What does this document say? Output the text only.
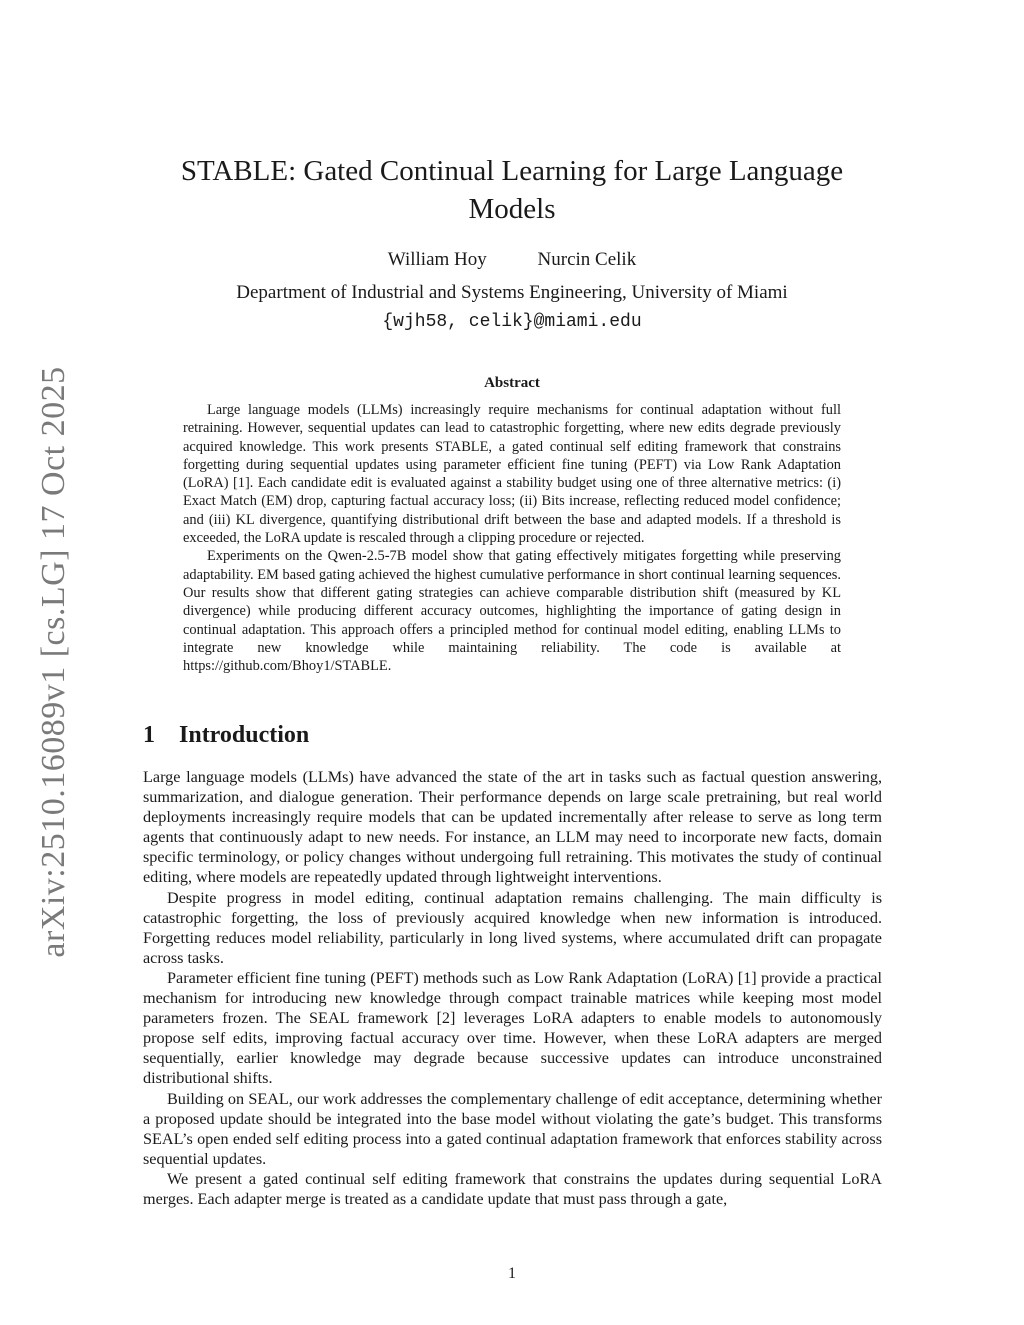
arXiv:2510.16089v1 [cs.LG] 17 Oct 2025
STABLE: Gated Continual Learning for Large Language Models
William Hoy	Nurcin Celik
Department of Industrial and Systems Engineering, University of Miami
{wjh58, celik}@miami.edu
Abstract

Large language models (LLMs) increasingly require mechanisms for continual adaptation without full retraining. However, sequential updates can lead to catastrophic forgetting, where new edits degrade previously acquired knowledge. This work presents STABLE, a gated continual self editing framework that constrains forgetting during sequential updates using parameter efficient fine tuning (PEFT) via Low Rank Adaptation (LoRA) [1]. Each candidate edit is evaluated against a stability budget using one of three alternative metrics: (i) Exact Match (EM) drop, capturing factual accuracy loss; (ii) Bits increase, reflecting reduced model confidence; and (iii) KL divergence, quantifying distributional drift between the base and adapted models. If a threshold is exceeded, the LoRA update is rescaled through a clipping procedure or rejected.

Experiments on the Qwen-2.5-7B model show that gating effectively mitigates forgetting while preserving adaptability. EM based gating achieved the highest cumulative performance in short continual learning sequences. Our results show that different gating strategies can achieve comparable distribution shift (measured by KL divergence) while producing different accuracy outcomes, highlighting the importance of gating design in continual adaptation. This approach offers a principled method for continual model editing, enabling LLMs to integrate new knowledge while maintaining reliability. The code is available at https://github.com/Bhoy1/STABLE.

1 Introduction

Large language models (LLMs) have advanced the state of the art in tasks such as factual question answering, summarization, and dialogue generation. Their performance depends on large scale pretraining, but real world deployments increasingly require models that can be updated incrementally after release to serve as long term agents that continuously adapt to new needs. For instance, an LLM may need to incorporate new facts, domain specific terminology, or policy changes without undergoing full retraining. This motivates the study of continual editing, where models are repeatedly updated through lightweight interventions.

Despite progress in model editing, continual adaptation remains challenging. The main difficulty is catastrophic forgetting, the loss of previously acquired knowledge when new information is introduced. Forgetting reduces model reliability, particularly in long lived systems, where accumulated drift can propagate across tasks.

Parameter efficient fine tuning (PEFT) methods such as Low Rank Adaptation (LoRA) [1] provide a practical mechanism for introducing new knowledge through compact trainable matrices while keeping most model parameters frozen. The SEAL framework [2] leverages LoRA adapters to enable models to autonomously propose self edits, improving factual accuracy over time. However, when these LoRA adapters are merged sequentially, earlier knowledge may degrade because successive updates can introduce unconstrained distributional shifts.

Building on SEAL, our work addresses the complementary challenge of edit acceptance, determining whether a proposed update should be integrated into the base model without violating the gate’s budget. This transforms SEAL’s open ended self editing process into a gated continual adaptation framework that enforces stability across sequential updates.

We present a gated continual self editing framework that constrains the updates during sequential LoRA merges. Each adapter merge is treated as a candidate update that must pass through a gate,

1
